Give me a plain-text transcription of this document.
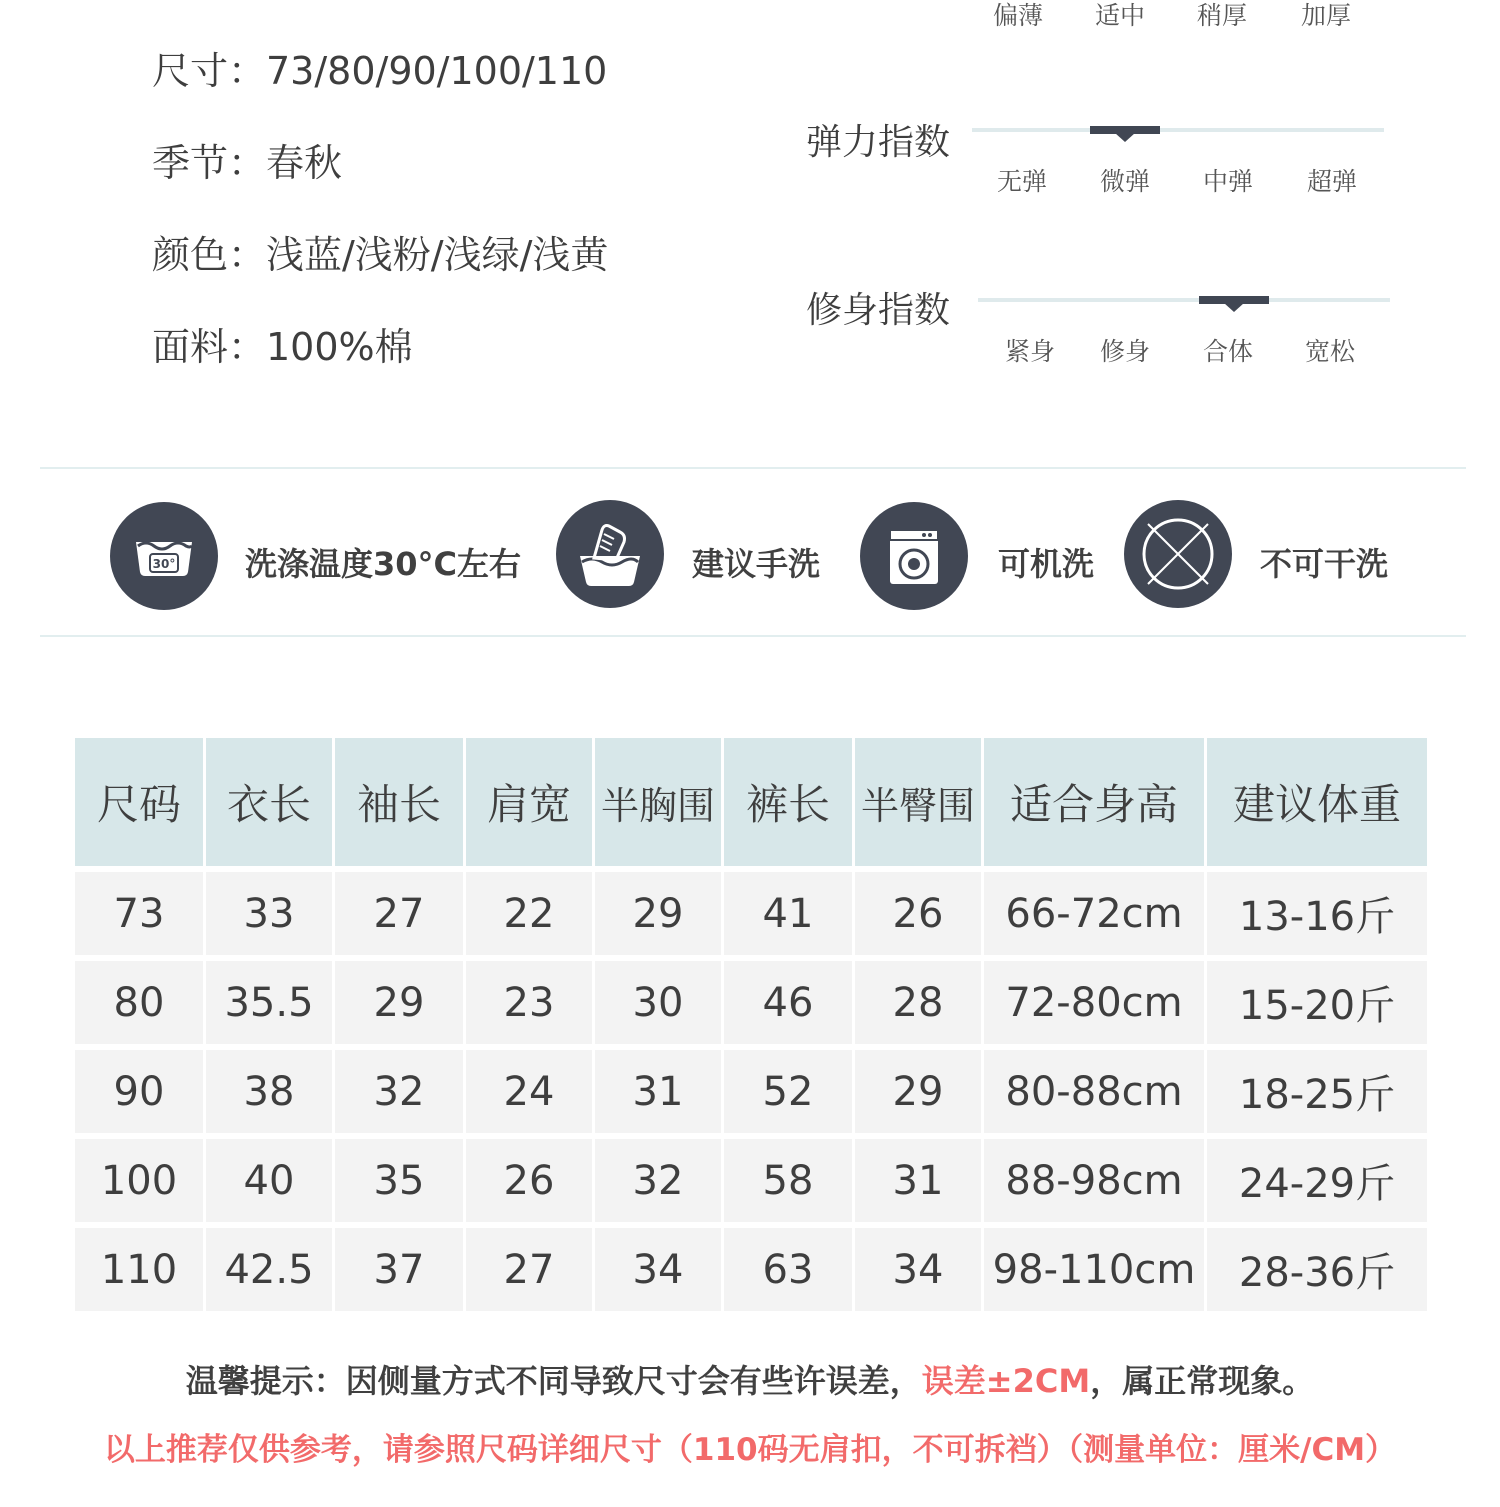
尺寸：73/80/90/100/110
季节：春秋
颜色：浅蓝/浅粉/浅绿/浅黄
面料：100%棉
偏薄	适中	稍厚	加厚
弹力指数
无弹	微弹	中弹	超弹
修身指数
紧身	修身	合体	宽松
30° 洗涤温度30°C左右	建议手洗	可机洗	不可干洗
尺码	衣长	袖长	肩宽	半胸围	裤长	半臀围	适合身高	建议体重
73	33	27	22	29	41	26	66-72cm	13-16斤
80	35.5	29	23	30	46	28	72-80cm	15-20斤
90	38	32	24	31	52	29	80-88cm	18-25斤
100	40	35	26	32	58	31	88-98cm	24-29斤
110	42.5	37	27	34	63	34	98-110cm	28-36斤
温馨提示：因侧量方式不同导致尺寸会有些许误差，误差±2CM，属正常现象。
以上推荐仅供参考，请参照尺码详细尺寸（110码无肩扣，不可拆裆）（测量单位：厘米/CM）
